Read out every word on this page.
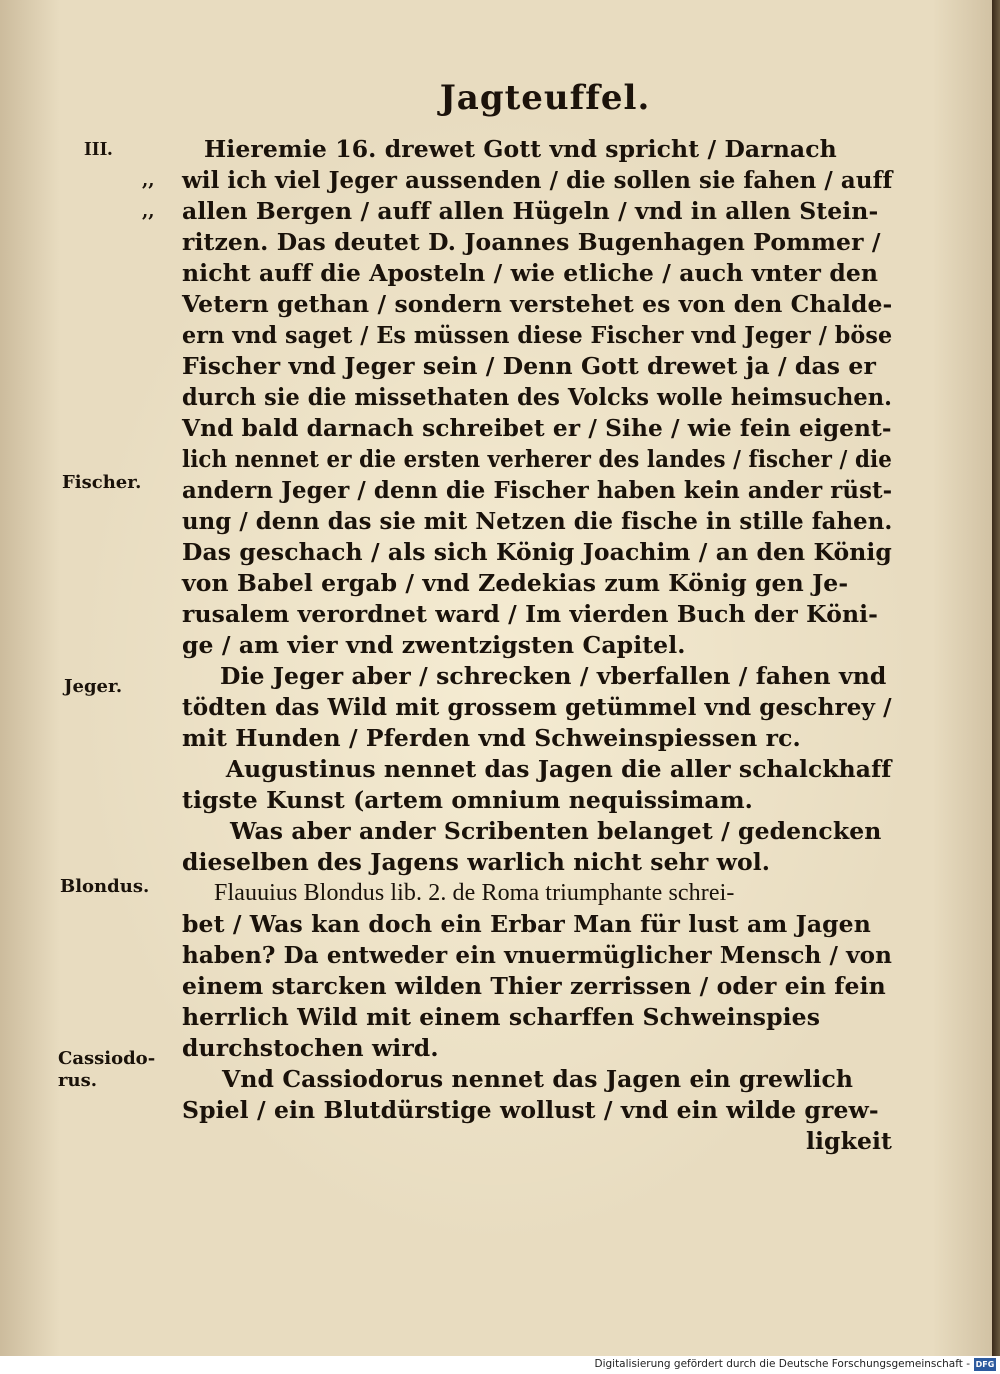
Jagteuffel.
III.
,,
,,
Fischer.
Jeger.
Blondus.
Cassiodo-
rus.
Hieremie 16. drewet Gott vnd spricht / Darnach
wil ich viel Jeger aussenden / die sollen sie fahen / auff
allen Bergen / auff allen Hügeln / vnd in allen Stein-
ritzen. Das deutet D. Joannes Bugenhagen Pommer /
nicht auff die Aposteln / wie etliche / auch vnter den
Vetern gethan / sondern verstehet es von den Chalde-
ern vnd saget / Es müssen diese Fischer vnd Jeger / böse
Fischer vnd Jeger sein / Denn Gott drewet ja / das er
durch sie die missethaten des Volcks wolle heimsuchen.
Vnd bald darnach schreibet er / Sihe / wie fein eigent-
lich nennet er die ersten verherer des landes / fischer / die
andern Jeger / denn die Fischer haben kein ander rüst-
ung / denn das sie mit Netzen die fische in stille fahen.
Das geschach / als sich König Joachim / an den König
von Babel ergab / vnd Zedekias zum König gen Je-
rusalem verordnet ward / Im vierden Buch der Köni-
ge / am vier vnd zwentzigsten Capitel.
Die Jeger aber / schrecken / vberfallen / fahen vnd
tödten das Wild mit grossem getümmel vnd geschrey /
mit Hunden / Pferden vnd Schweinspiessen rc.
Augustinus nennet das Jagen die aller schalckhaff
tigste Kunst (artem omnium nequissimam.
Was aber ander Scribenten belanget / gedencken
dieselben des Jagens warlich nicht sehr wol.
Flauuius Blondus lib. 2. de Roma triumphante schrei-
bet / Was kan doch ein Erbar Man für lust am Jagen
haben? Da entweder ein vnuermüglicher Mensch / von
einem starcken wilden Thier zerrissen / oder ein fein
herrlich Wild mit einem scharffen Schweinspies
durchstochen wird.
Vnd Cassiodorus nennet das Jagen ein grewlich
Spiel / ein Blutdürstige wollust / vnd ein wilde grew-
ligkeit
Digitalisierung gefördert durch die Deutsche Forschungsgemeinschaft - DFG
